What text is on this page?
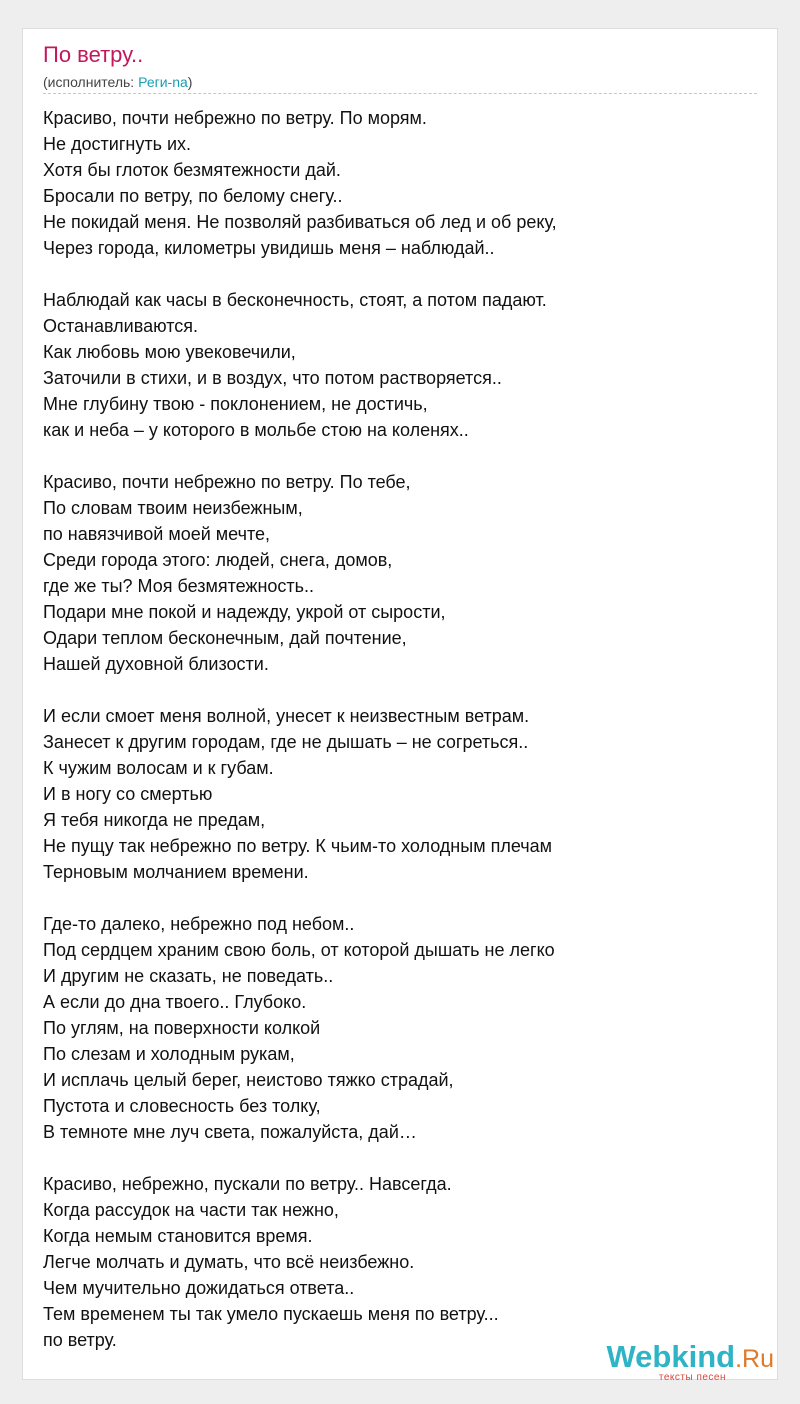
По ветру..
(исполнитель: Реги-na)
Красиво, почти небрежно по ветру. По морям.
Не достигнуть их.
Хотя бы глоток безмятежности дай.
Бросали по ветру, по белому снегу..
Не покидай меня. Не позволяй разбиваться об лед и об реку,
Через города, километры увидишь меня – наблюдай..
Наблюдай как часы в бесконечность, стоят, а потом падают.
Останавливаются.
Как любовь мою увековечили,
Заточили в стихи, и в воздух, что потом растворяется..
Мне глубину твою - поклонением, не достичь,
как и неба – у которого в мольбе стою на коленях..
Красиво, почти небрежно по ветру. По тебе,
По словам твоим неизбежным,
по навязчивой моей мечте,
Среди города этого: людей, снега, домов,
где же ты? Моя безмятежность..
Подари мне покой и надежду, укрой от сырости,
Одари теплом бесконечным, дай почтение,
Нашей духовной близости.
И если смоет меня волной, унесет к неизвестным ветрам.
Занесет к другим городам, где не дышать – не согреться..
К чужим волосам и к губам.
И в ногу со смертью
Я тебя никогда не предам,
Не пущу так небрежно по ветру. К чьим-то холодным плечам
Терновым молчанием времени.
Где-то далеко, небрежно под небом..
Под сердцем храним свою боль, от которой дышать не легко
И другим не сказать, не поведать..
А если до дна твоего.. Глубоко.
По углям, на поверхности колкой
По слезам и холодным рукам,
И исплачь целый берег, неистово тяжко страдай,
Пустота и словесность без толку,
В темноте мне луч света, пожалуйста, дай…
Красиво, небрежно, пускали по ветру.. Навсегда.
Когда рассудок на части так нежно,
Когда немым становится время.
Легче молчать и думать, что всё неизбежно.
Чем мучительно дожидаться ответа..
Тем временем ты так умело пускаешь меня по ветру...
по ветру.	Webkind.Ru
тексты песен
